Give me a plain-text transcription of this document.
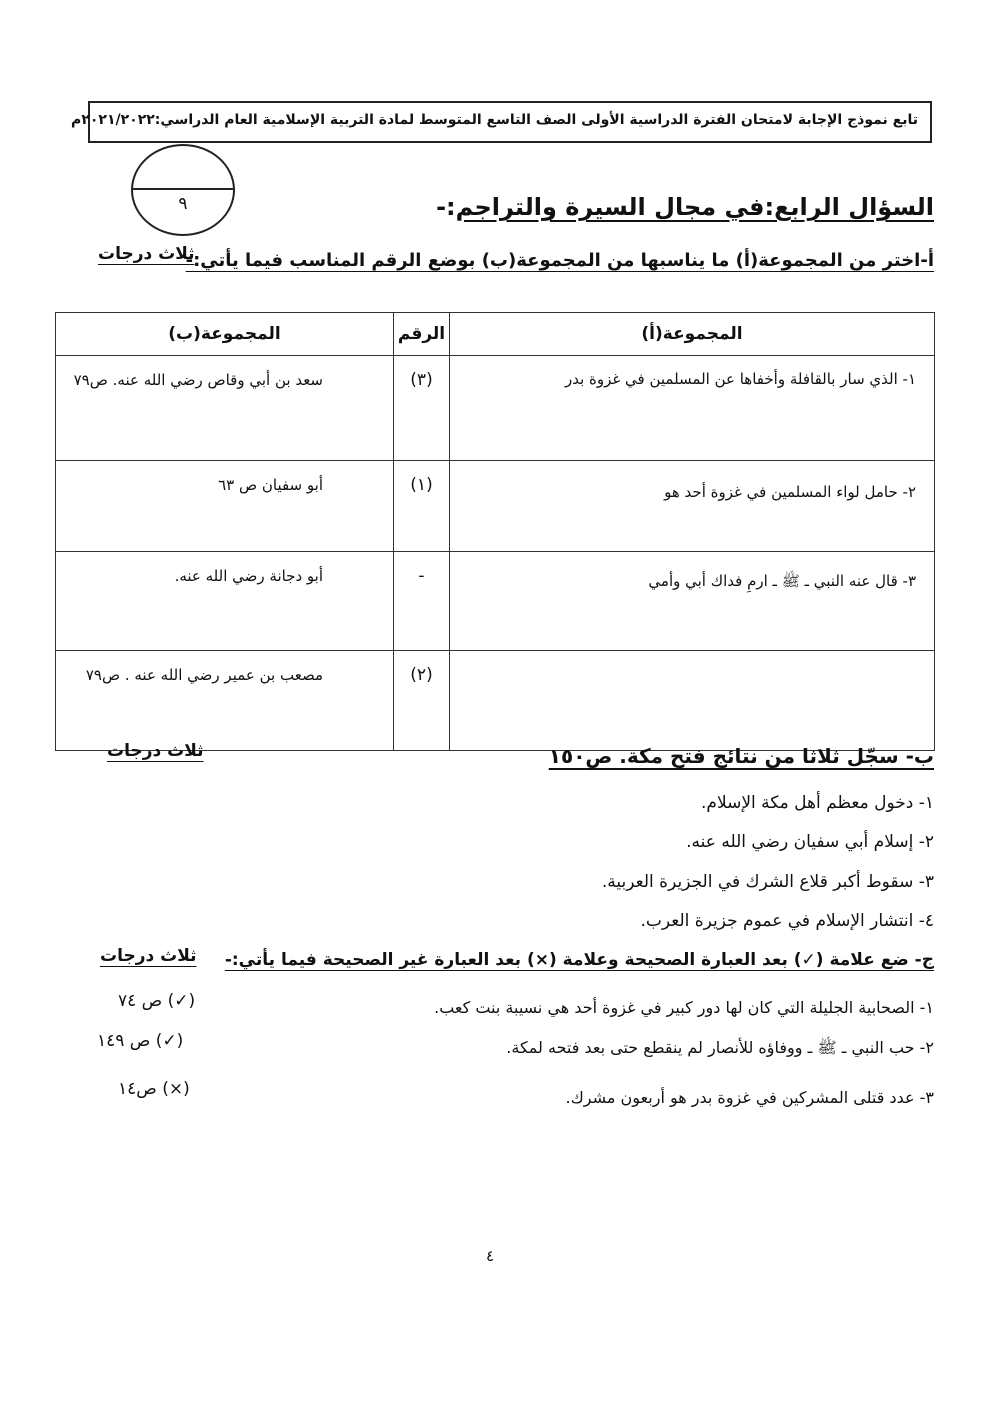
تابع نموذج الإجابة لامتحان الفترة الدراسية الأولى الصف التاسع المتوسط لمادة التربية الإسلامية العام الدراسي:٢٠٢١/٢٠٢٢م
٩	السؤال الرابع:في مجال السيرة والتراجم:-
أ-اختر من المجموعة(أ) ما يناسبها من المجموعة(ب) بوضع الرقم المناسب فيما يأتي:-
ثلاث درجات
المجموعة(أ)	الرقم	المجموعة(ب)
١- الذي سار بالقافلة وأخفاها عن المسلمين في غزوة بدر	(٣)	سعد بن أبي وقاص رضي الله عنه. ص٧٩
٢- حامل لواء المسلمين في غزوة أحد هو	(١)	أبو سفيان ص ٦٣
٣- قال عنه النبي ـ ﷺ ـ ارمِ فداك أبي وأمي	-	أبو دجانة رضي الله عنه.
	(٢)	مصعب بن عمير رضي الله عنه . ص٧٩
ب- سجّل ثلاثا من نتائج فتح مكة. ص١٥٠
ثلاث درجات
١- دخول معظم أهل مكة الإسلام.
٢- إسلام أبي سفيان رضي الله عنه.
٣- سقوط أكبر قلاع الشرك في الجزيرة العربية.
٤- انتشار الإسلام في عموم جزيرة العرب.
ج- ضع علامة (✓) بعد العبارة الصحيحة وعلامة (×) بعد العبارة غير الصحيحة فيما يأتي:-
ثلاث درجات
١- الصحابية الجليلة التي كان لها دور كبير في غزوة أحد هي نسيبة بنت كعب.
(✓) ص ٧٤
٢- حب النبي ـ ﷺ ـ ووفاؤه للأنصار لم ينقطع حتى بعد فتحه لمكة.
(✓) ص ١٤٩
٣- عدد قتلى المشركين في غزوة بدر هو أربعون مشرك.
(×) ص١٤
٤
